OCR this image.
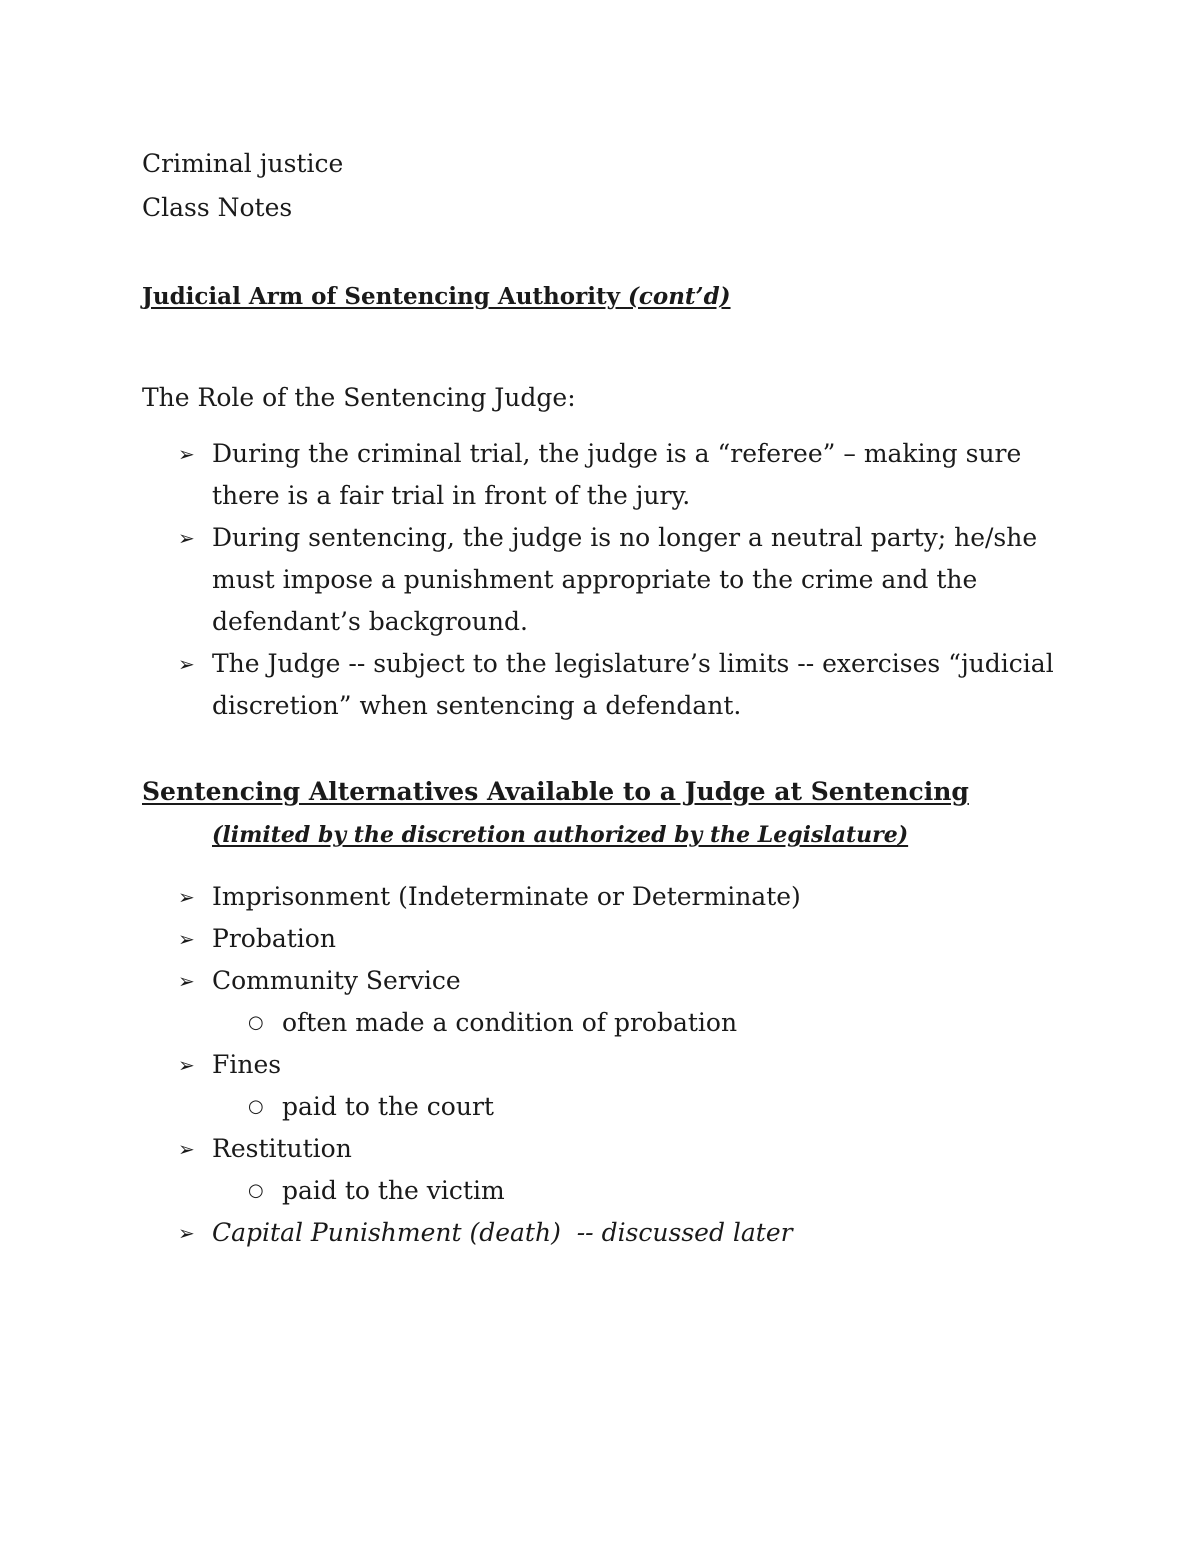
Criminal justice
Class Notes
Judicial Arm of Sentencing Authority (cont’d)
The Role of the Sentencing Judge:
➢ During the criminal trial, the judge is a “referee” – making sure there is a fair trial in front of the jury.
➢ During sentencing, the judge is no longer a neutral party; he/she must impose a punishment appropriate to the crime and the defendant’s background.
➢ The Judge -- subject to the legislature’s limits -- exercises “judicial discretion” when sentencing a defendant.
Sentencing Alternatives Available to a Judge at Sentencing
(limited by the discretion authorized by the Legislature)
➢ Imprisonment (Indeterminate or Determinate)
➢ Probation
➢ Community Service
○ often made a condition of probation
➢ Fines
○ paid to the court
➢ Restitution
○ paid to the victim
➢ Capital Punishment (death)  -- discussed later
